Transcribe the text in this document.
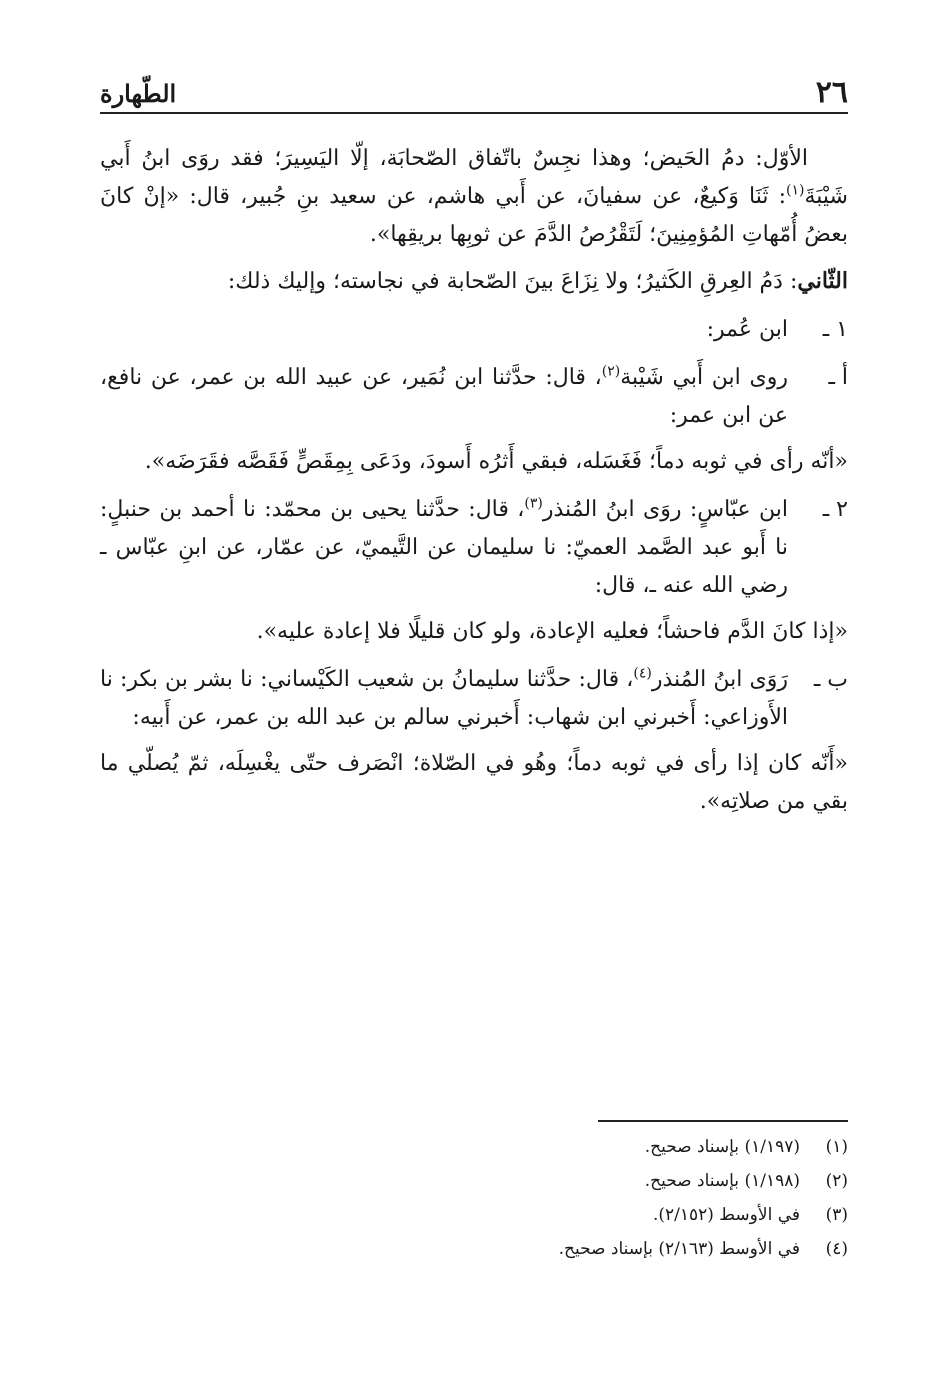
٢٦
الطّهارة

الأوّل: دمُ الحَيض؛ وهذا نجِسٌ باتّفاق الصّحابَة، إلّا اليَسِيرَ؛ فقد روَى ابنُ أَبي شَيْبَةَ$^{(١)}$: ثَنَا وَكيعٌ، عن سفيانَ، عن أَبي هاشم، عن سعيد بنِ جُبير، قال: «إنْ كانَ بعضُ أُمّهاتِ المُؤمِنِينَ؛ لَتَقْرُصُ الدَّمَ عن ثوبِها بريقِها».

الثّاني: دَمُ العِرقِ الكَثيرُ؛ ولا نِزَاعَ بينَ الصّحابة في نجاسته؛ وإليك ذلك:

١ ـ
ابن عُمر:
أ ـ
روى ابن أَبي شَيْبة$^{(٢)}$، قال: حدَّثنا ابن نُمَير، عن عبيد الله بن عمر، عن نافع، عن ابن عمر:

«أنّه رأى في ثوبه دماً؛ فَغَسَله، فبقي أَثرُه أَسودَ، ودَعَى بِمِقَصٍّ فَقَصَّه فقَرَضَه».

٢ ـ
ابن عبّاسٍ: روَى ابنُ المُنذر$^{(٣)}$، قال: حدَّثنا يحيى بن محمّد: نا أحمد بن حنبلٍ: نا أَبو عبد الصَّمد العميّ: نا سليمان عن التَّيميّ، عن عمّار، عن ابنِ عبّاس ـ رضي الله عنه ـ، قال:

«إذا كانَ الدَّم فاحشاً؛ فعليه الإعادة، ولو كان قليلًا فلا إعادة عليه».

ب ـ
رَوَى ابنُ المُنذر$^{(٤)}$، قال: حدَّثنا سليمانُ بن شعيب الكَيْساني: نا بشر بن بكر: نا الأَوزاعي: أَخبرني ابن شهاب: أَخبرني سالم بن عبد الله بن عمر، عن أَبيه:

«أَنّه كان إذا رأى في ثوبه دماً؛ وهُو في الصّلاة؛ انْصَرف حتّى يغْسِلَه، ثمّ يُصلّي ما بقي من صلاتِه».

(١)
(١/١٩٧) بإسناد صحيح.
(٢)
(١/١٩٨) بإسناد صحيح.
(٣)
في الأوسط (٢/١٥٢).
(٤)
في الأوسط (٢/١٦٣) بإسناد صحيح.
